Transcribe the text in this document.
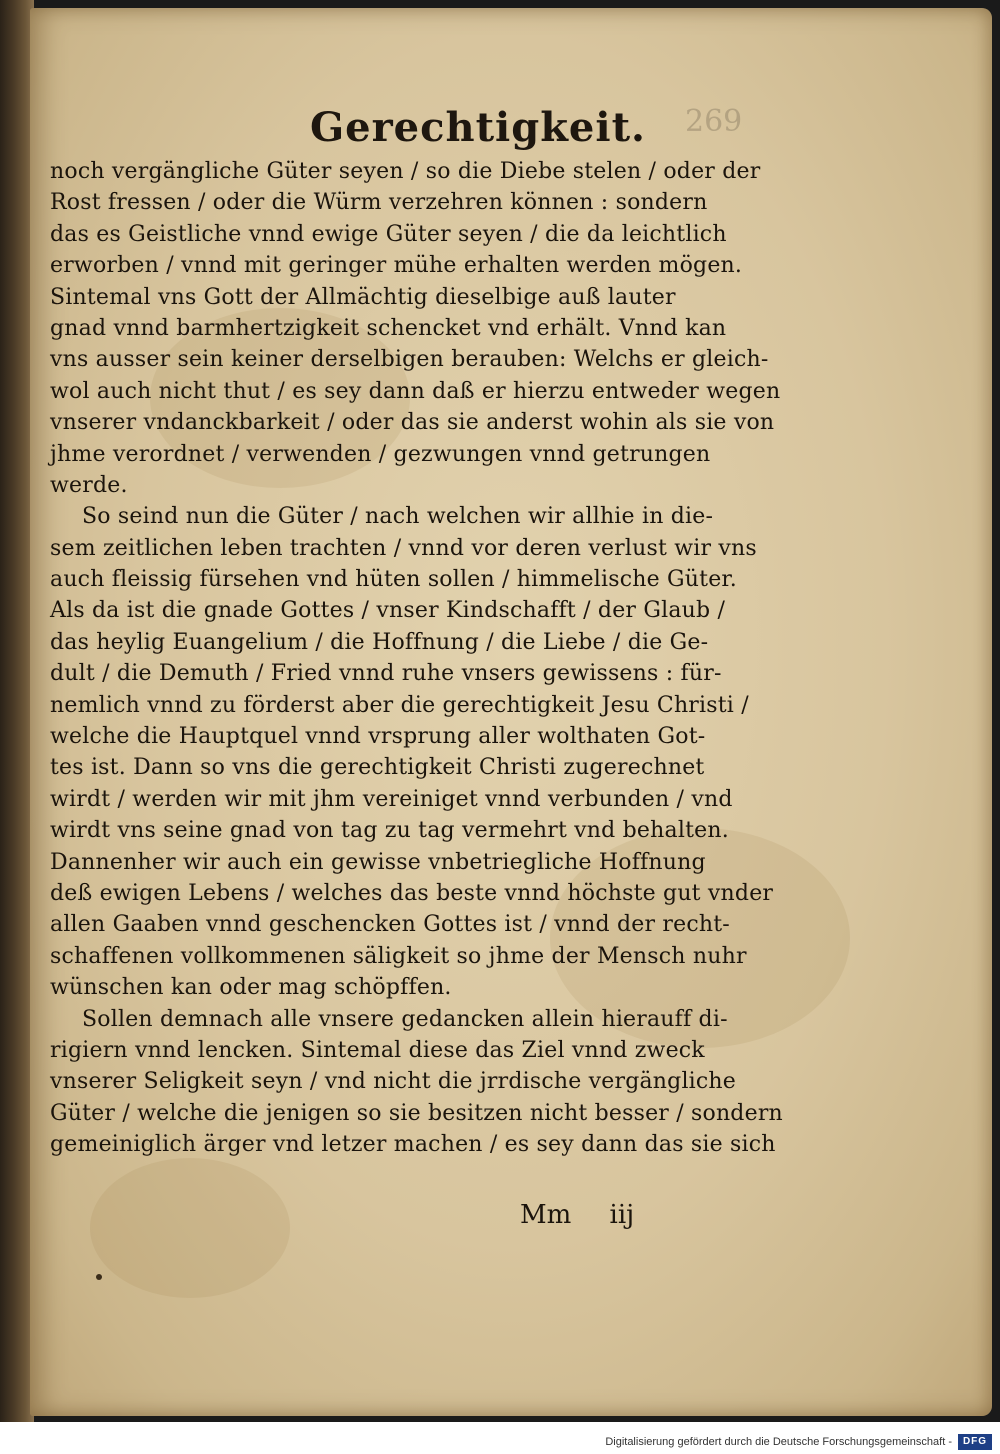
Gerechtigkeit. 269
noch vergängliche Güter seyen / so die Diebe stelen / oder der
Rost fressen / oder die Würm verzehren können : sondern
das es Geistliche vnnd ewige Güter seyen / die da leichtlich
erworben / vnnd mit geringer mühe erhalten werden mögen.
Sintemal vns Gott der Allmächtig dieselbige auß lauter
gnad vnnd barmhertzigkeit schencket vnd erhält. Vnnd kan
vns ausser sein keiner derselbigen berauben: Welchs er gleich-
wol auch nicht thut / es sey dann daß er hierzu entweder wegen
vnserer vndanckbarkeit / oder das sie anderst wohin als sie von
jhme verordnet / verwenden / gezwungen vnnd getrungen
werde.
So seind nun die Güter / nach welchen wir allhie in die-
sem zeitlichen leben trachten / vnnd vor deren verlust wir vns
auch fleissig fürsehen vnd hüten sollen / himmelische Güter.
Als da ist die gnade Gottes / vnser Kindschafft / der Glaub /
das heylig Euangelium / die Hoffnung / die Liebe / die Ge-
dult / die Demuth / Fried vnnd ruhe vnsers gewissens : für-
nemlich vnnd zu förderst aber die gerechtigkeit Jesu Christi /
welche die Hauptquel vnnd vrsprung aller wolthaten Got-
tes ist. Dann so vns die gerechtigkeit Christi zugerechnet
wirdt / werden wir mit jhm vereiniget vnnd verbunden / vnd
wirdt vns seine gnad von tag zu tag vermehrt vnd behalten.
Dannenher wir auch ein gewisse vnbetriegliche Hoffnung
deß ewigen Lebens / welches das beste vnnd höchste gut vnder
allen Gaaben vnnd geschencken Gottes ist / vnnd der recht-
schaffenen vollkommenen säligkeit so jhme der Mensch nuhr
wünschen kan oder mag schöpffen.
Sollen demnach alle vnsere gedancken allein hierauff di-
rigiern vnnd lencken. Sintemal diese das Ziel vnnd zweck
vnserer Seligkeit seyn / vnd nicht die jrrdische vergängliche
Güter / welche die jenigen so sie besitzen nicht besser / sondern
gemeiniglich ärger vnd letzer machen / es sey dann das sie sich
Mm iij
Digitalisierung gefördert durch die Deutsche Forschungsgemeinschaft -	DFG
